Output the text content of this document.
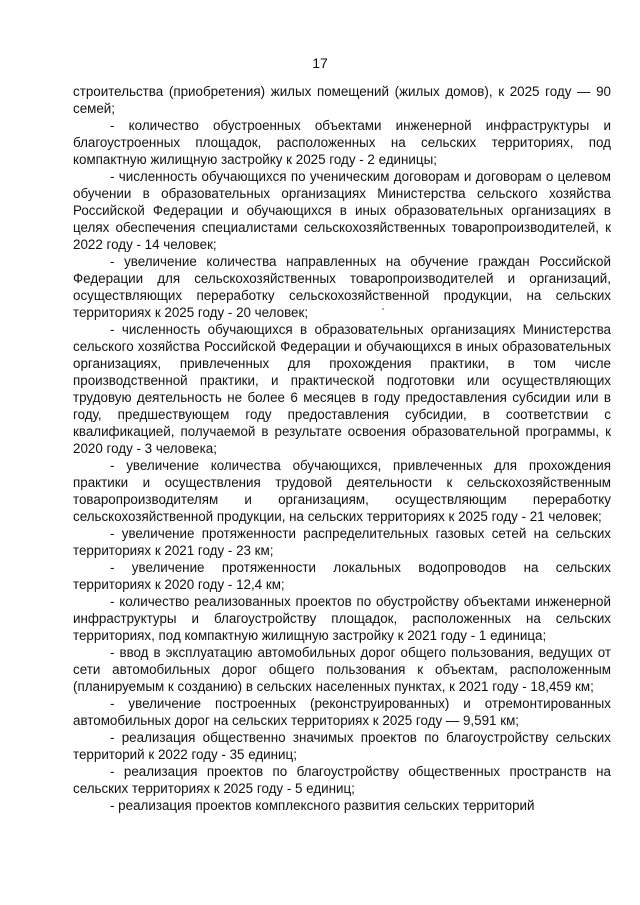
17

строительства (приобретения) жилых помещений (жилых домов), к 2025 году — 90 семей;

- количество обустроенных объектами инженерной инфраструктуры и благоустроенных площадок, расположенных на сельских территориях, под компактную жилищную застройку к 2025 году - 2 единицы;

- численность обучающихся по ученическим договорам и договорам о целевом обучении в образовательных организациях Министерства сельского хозяйства Российской Федерации и обучающихся в иных образовательных организациях в целях обеспечения специалистами сельскохозяйственных товаропроизводителей, к 2022 году - 14 человек;

- увеличение количества направленных на обучение граждан Российской Федерации для сельскохозяйственных товаропроизводителей и организаций, осуществляющих переработку сельскохозяйственной продукции, на сельских территориях к 2025 году - 20 человек;

- численность обучающихся в образовательных организациях Министерства сельского хозяйства Российской Федерации и обучающихся в иных образовательных организациях, привлеченных для прохождения практики, в том числе производственной практики, и практической подготовки или осуществляющих трудовую деятельность не более 6 месяцев в году предоставления субсидии или в году, предшествующем году предоставления субсидии, в соответствии с квалификацией, получаемой в результате освоения образовательной программы, к 2020 году - 3 человека;

- увеличение количества обучающихся, привлеченных для прохождения практики и осуществления трудовой деятельности к сельскохозяйственным товаропроизводителям и организациям, осуществляющим переработку сельскохозяйственной продукции, на сельских территориях к 2025 году - 21 человек;

- увеличение протяженности распределительных газовых сетей на сельских территориях к 2021 году - 23 км;

- увеличение протяженности локальных водопроводов на сельских территориях к 2020 году - 12,4 км;

- количество реализованных проектов по обустройству объектами инженерной инфраструктуры и благоустройству площадок, расположенных на сельских территориях, под компактную жилищную застройку к 2021 году - 1 единица;

- ввод в эксплуатацию автомобильных дорог общего пользования, ведущих от сети автомобильных дорог общего пользования к объектам, расположенным (планируемым к созданию) в сельских населенных пунктах, к 2021 году - 18,459 км;

- увеличение построенных (реконструированных) и отремонтированных автомобильных дорог на сельских территориях к 2025 году — 9,591 км;

- реализация общественно значимых проектов по благоустройству сельских территорий к 2022 году - 35 единиц;

- реализация проектов по благоустройству общественных пространств на сельских территориях к 2025 году - 5 единиц;

- реализация проектов комплексного развития сельских территорий
